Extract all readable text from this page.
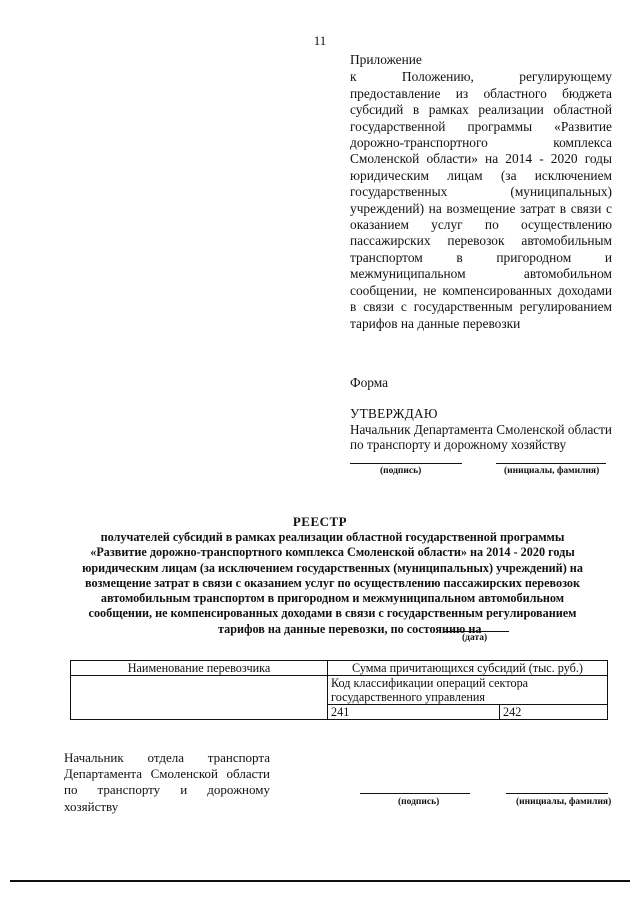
11
Приложение
к Положению, регулирующему предоставление из областного бюджета субсидий в рамках реализации областной государственной программы «Развитие дорожно-транспортного комплекса Смоленской области» на 2014 - 2020 годы юридическим лицам (за исключением государственных (муниципальных) учреждений) на возмещение затрат в связи с оказанием услуг по осуществлению пассажирских перевозок автомобильным транспортом в пригородном и межмуниципальном автомобильном сообщении, не компенсированных доходами в связи с государственным регулированием тарифов на данные перевозки
Форма
УТВЕРЖДАЮ
Начальник Департамента Смоленской области
по транспорту и дорожному хозяйству
(подпись)	(инициалы, фамилия)
РЕЕСТР
получателей субсидий в рамках реализации областной государственной программы
«Развитие дорожно-транспортного комплекса Смоленской области» на 2014 - 2020 годы
юридическим лицам (за исключением государственных (муниципальных) учреждений) на
возмещение затрат в связи с оказанием услуг по осуществлению пассажирских перевозок
автомобильным транспортом в пригородном и межмуниципальном автомобильном
сообщении, не компенсированных доходами в связи с государственным регулированием
тарифов на данные перевозки, по состоянию на
(дата)
Наименование перевозчика	Сумма причитающихся субсидий (тыс. руб.)	
	Код классификации операций сектора государственного управления	
	241	242
Начальник отдела транспорта Департамента Смоленской области по транспорту и дорожному хозяйству	(подпись)	(инициалы, фамилия)
